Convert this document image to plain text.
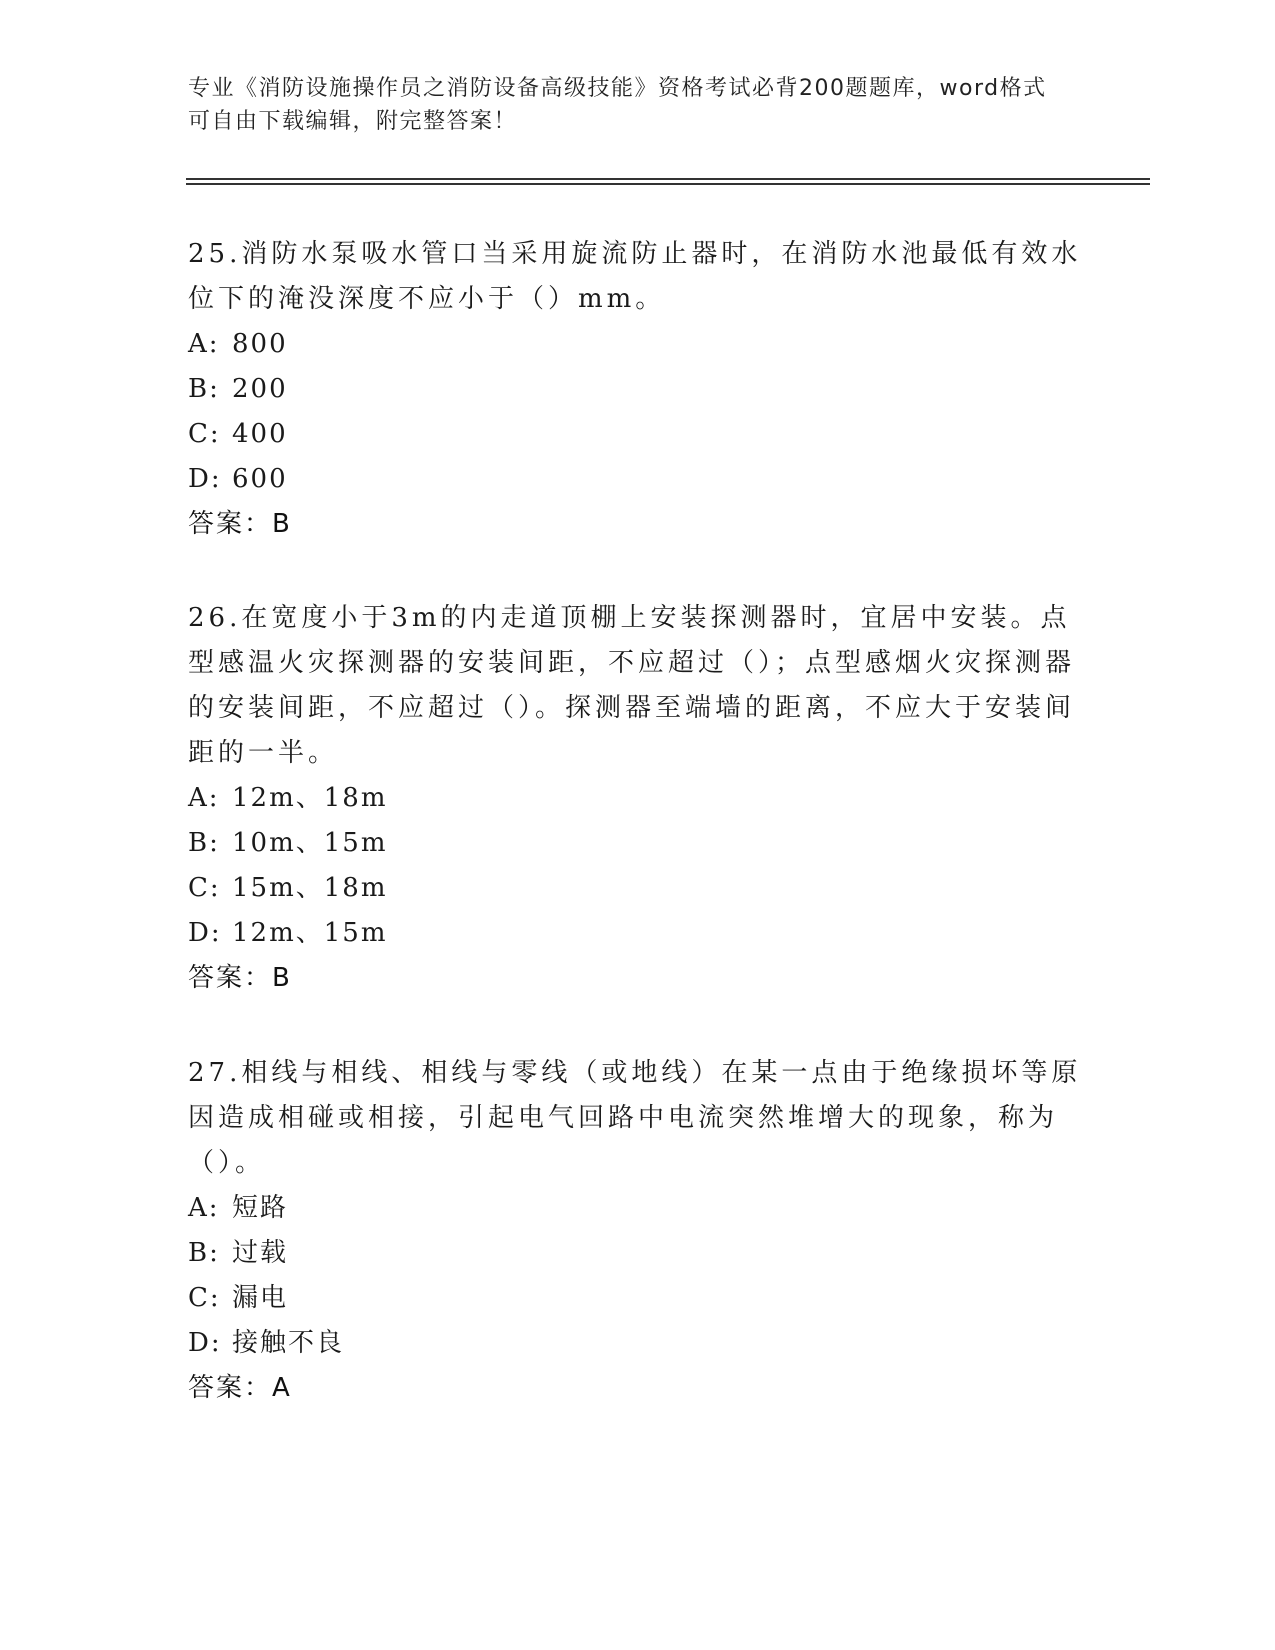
专业《消防设施操作员之消防设备高级技能》资格考试必背200题题库，word格式可自由下载编辑，附完整答案！

25.消防水泵吸水管口当采用旋流防止器时，在消防水池最低有效水位下的淹没深度不应小于（）mm。

A: 800

B: 200

C: 400

D: 600

答案：B

26.在宽度小于3m的内走道顶棚上安装探测器时，宜居中安装。点型感温火灾探测器的安装间距，不应超过（）；点型感烟火灾探测器的安装间距，不应超过（）。探测器至端墙的距离，不应大于安装间距的一半。

A: 12m、18m

B: 10m、15m

C: 15m、18m

D: 12m、15m

答案：B

27.相线与相线、相线与零线（或地线）在某一点由于绝缘损坏等原因造成相碰或相接，引起电气回路中电流突然堆增大的现象，称为（）。

A: 短路

B: 过载

C: 漏电

D: 接触不良

答案：A
